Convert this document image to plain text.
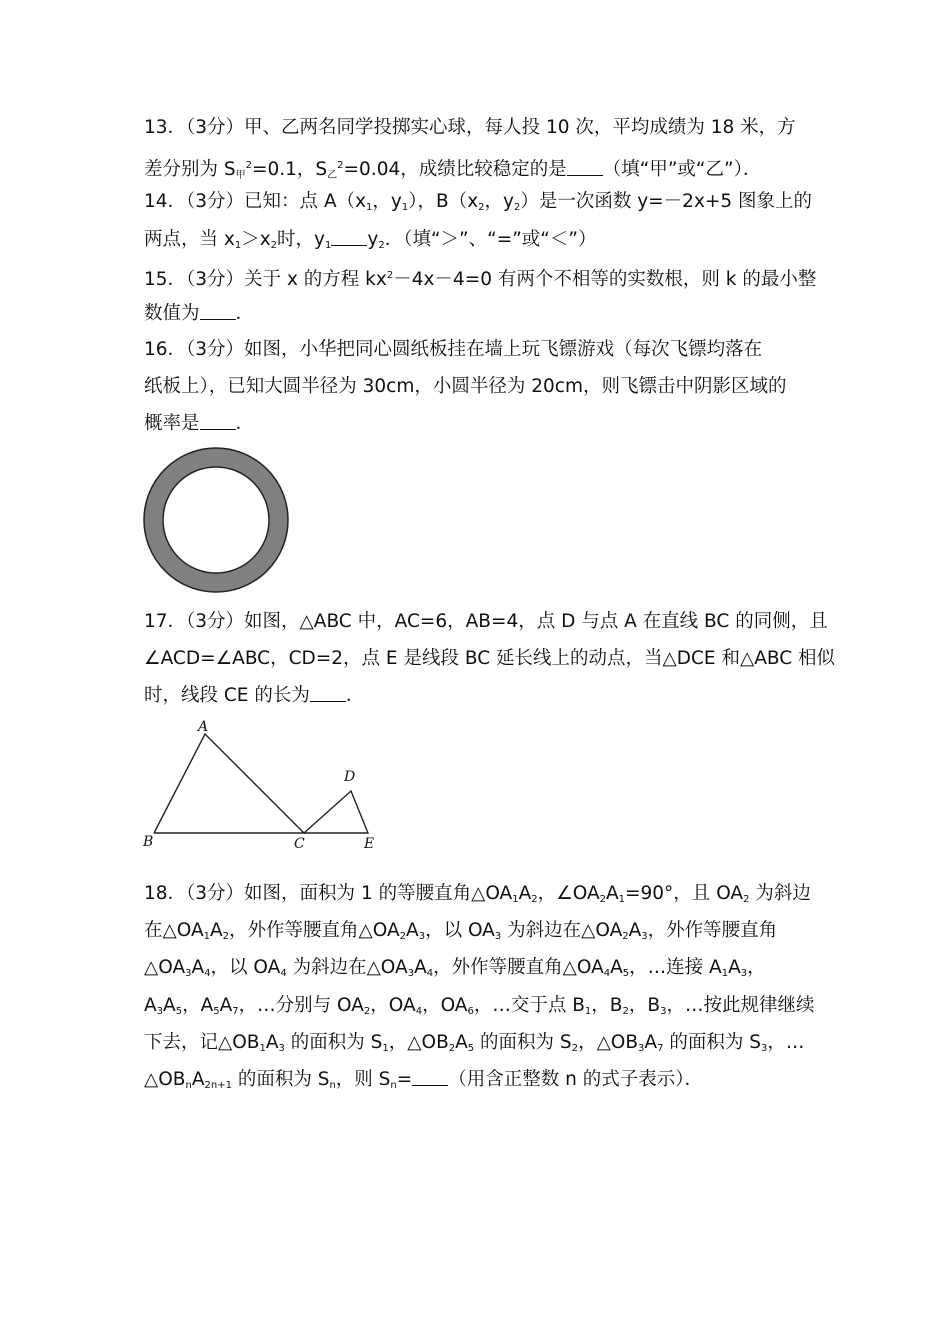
13．（3分）甲、乙两名同学投掷实心球，每人投 10 次，平均成绩为 18 米，方
差分别为 $S_甲^2=0.1$，$S_乙^2=0.04$，成绩比较稳定的是 （填“甲”或“乙”）．
14．（3分）已知：点 $A(x_1$，$y_1$），$B(x_2$，$y_2$）是一次函数 y=－2x+5 图象上的
两点，当 $x_1>x_2$时，$y_1$ $y_2$．（填“＞”、“=”或“＜”）
15．（3分）关于 x 的方程 $kx^2-4x-4=0$ 有两个不相等的实数根，则 k 的最小整
数值为 ．
16．（3分）如图，小华把同心圆纸板挂在墙上玩飞镖游戏（每次飞镖均落在
纸板上），已知大圆半径为 30cm，小圆半径为 20cm，则飞镖击中阴影区域的
概率是 ．
17．（3分）如图，△ABC 中，AC=6，AB=4，点 D 与点 A 在直线 BC 的同侧，且
∠ACD=∠ABC，CD=2，点 E 是线段 BC 延长线上的动点，当△DCE 和△ABC 相似
时，线段 CE 的长为 ．
A
B	C
D
E
18．（3分）如图，面积为 1 的等腰直角$\triangle OA_1A_2$，$\angle OA_2A_1=90^\circ$，且 $OA_2$ 为斜边
在$\triangle OA_1A_2$，外作等腰直角$\triangle OA_2A_3$，以 $OA_3$ 为斜边在$\triangle OA_2A_3$，外作等腰直角
$\triangle OA_3A_4$，以 $OA_4$ 为斜边在$\triangle OA_3A_4$，外作等腰直角$\triangle OA_4A_5$，…连接 $A_1A_3$，
$A_3A_5$，$A_5A_7$，…分别与 $OA_2$，$OA_4$，$OA_6$，…交于点 $B_1$，$B_2$，$B_3$，…按此规律继续
下去，记$\triangle OB_1A_3$ 的面积为 $S_1$，$\triangle OB_2A_5$ 的面积为 $S_2$，$\triangle OB_3A_7$ 的面积为 $S_3$，…
$\triangle OB_nA_{2n+1}$ 的面积为 $S_n$，则 $S_n=$ （用含正整数 n 的式子表示）．
